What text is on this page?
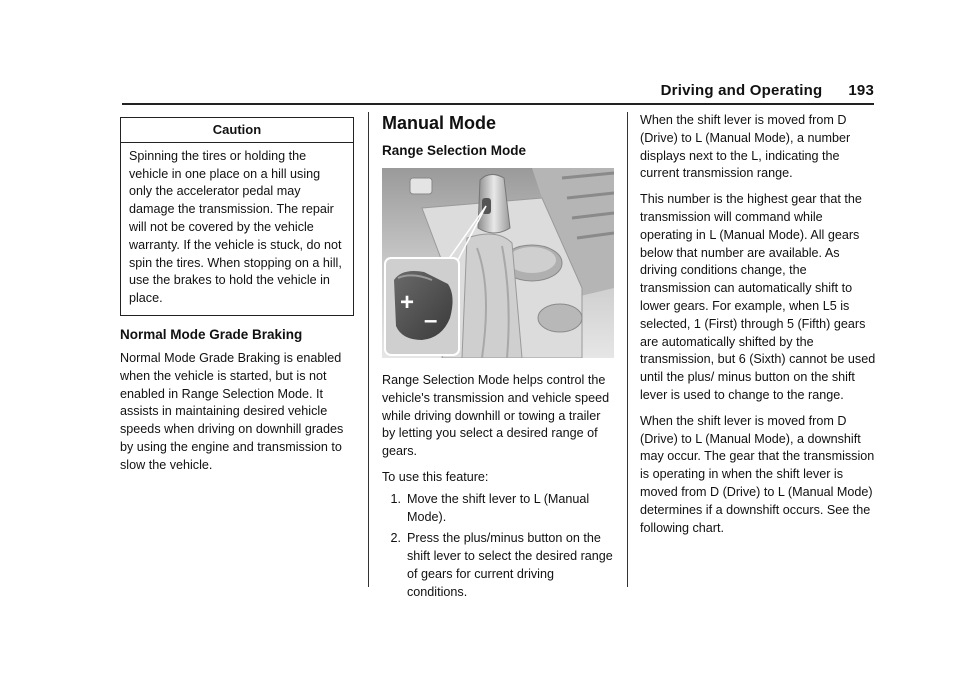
Driving and Operating 193
Caution
Spinning the tires or holding the vehicle in one place on a hill using only the accelerator pedal may damage the transmission. The repair will not be covered by the vehicle warranty. If the vehicle is stuck, do not spin the tires. When stopping on a hill, use the brakes to hold the vehicle in place.
Normal Mode Grade Braking

Normal Mode Grade Braking is enabled when the vehicle is started, but is not enabled in Range Selection Mode. It assists in maintaining desired vehicle speeds when driving on downhill grades by using the engine and transmission to slow the vehicle.

Manual Mode
Range Selection Mode
+
–

Range Selection Mode helps control the vehicle's transmission and vehicle speed while driving downhill or towing a trailer by letting you select a desired range of gears.

To use this feature:

1. Move the shift lever to L (Manual Mode).
2. Press the plus/minus button on the shift lever to select the desired range of gears for current driving conditions.

When the shift lever is moved from D (Drive) to L (Manual Mode), a number displays next to the L, indicating the current transmission range.

This number is the highest gear that the transmission will command while operating in L (Manual Mode). All gears below that number are available. As driving conditions change, the transmission can automatically shift to lower gears. For example, when L5 is selected, 1 (First) through 5 (Fifth) gears are automatically shifted by the transmission, but 6 (Sixth) cannot be used until the plus/ minus button on the shift lever is used to change to the range.

When the shift lever is moved from D (Drive) to L (Manual Mode), a downshift may occur. The gear that the transmission is operating in when the shift lever is moved from D (Drive) to L (Manual Mode) determines if a downshift occurs. See the following chart.
